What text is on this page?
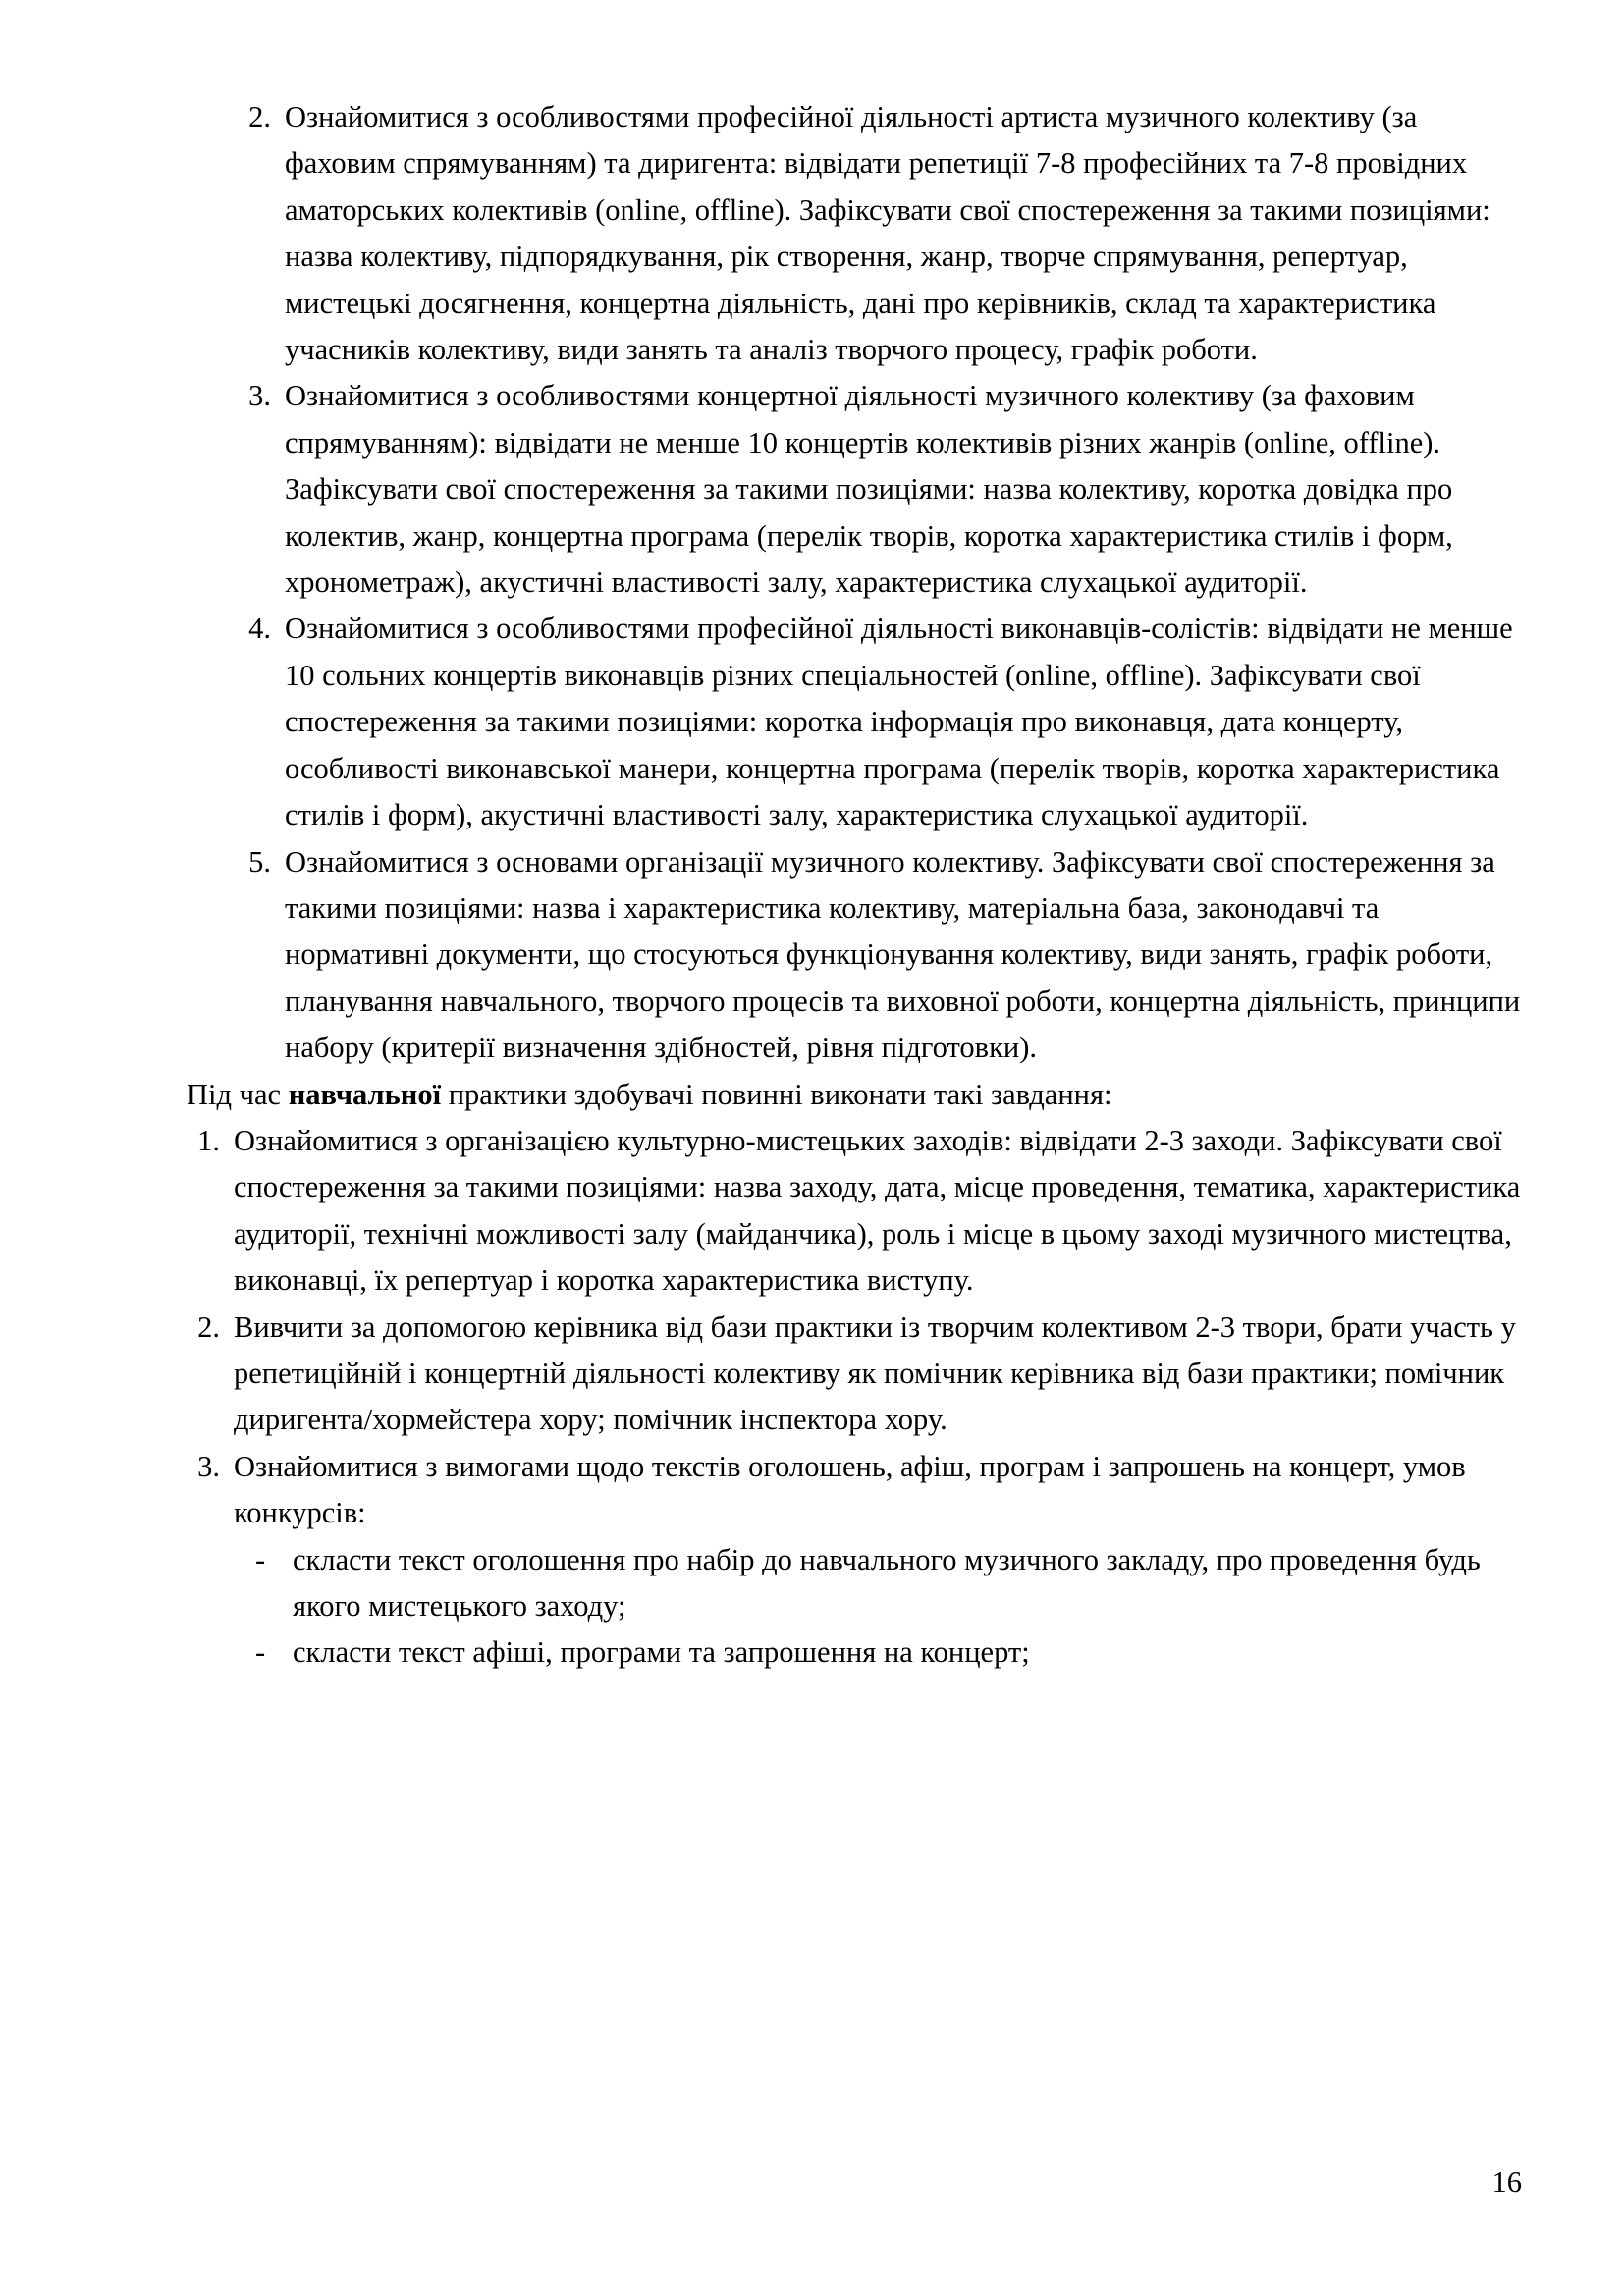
2. Ознайомитися з особливостями професійної діяльності артиста музичного колективу (за фаховим спрямуванням) та диригента: відвідати репетиції 7-8 професійних та 7-8 провідних аматорських колективів (online, offline). Зафіксувати свої спостереження за такими позиціями: назва колективу, підпорядкування, рік створення, жанр, творче спрямування, репертуар, мистецькі досягнення, концертна діяльність, дані про керівників, склад та характеристика учасників колективу, види занять та аналіз творчого процесу, графік роботи.
3. Ознайомитися з особливостями концертної діяльності музичного колективу (за фаховим спрямуванням): відвідати не менше 10 концертів колективів різних жанрів (online, offline). Зафіксувати свої спостереження за такими позиціями: назва колективу, коротка довідка про колектив, жанр, концертна програма (перелік творів, коротка характеристика стилів і форм, хронометраж), акустичні властивості залу, характеристика слухацької аудиторії.
4. Ознайомитися з особливостями професійної діяльності виконавців-солістів: відвідати не менше 10 сольних концертів виконавців різних спеціальностей (online, offline). Зафіксувати свої спостереження за такими позиціями: коротка інформація про виконавця, дата концерту, особливості виконавської манери, концертна програма (перелік творів, коротка характеристика стилів і форм), акустичні властивості залу, характеристика слухацької аудиторії.
5. Ознайомитися з основами організації музичного колективу. Зафіксувати свої спостереження за такими позиціями: назва і характеристика колективу, матеріальна база, законодавчі та нормативні документи, що стосуються функціонування колективу, види занять, графік роботи, планування навчального, творчого процесів та виховної роботи, концертна діяльність, принципи набору (критерії визначення здібностей, рівня підготовки).

Під час навчальної практики здобувачі повинні виконати такі завдання:

1. Ознайомитися з організацією культурно-мистецьких заходів: відвідати 2-3 заходи. Зафіксувати свої спостереження за такими позиціями: назва заходу, дата, місце проведення, тематика, характеристика аудиторії, технічні можливості залу (майданчика), роль і місце в цьому заході музичного мистецтва, виконавці, їх репертуар і коротка характеристика виступу.
2. Вивчити за допомогою керівника від бази практики із творчим колективом 2-3 твори, брати участь у репетиційній і концертній діяльності колективу як помічник керівника від бази практики; помічник диригента/хормейстера хору; помічник інспектора хору.
3. Ознайомитися з вимогами щодо текстів оголошень, афіш, програм і запрошень на концерт, умов конкурсів:
- скласти текст оголошення про набір до навчального музичного закладу, про проведення будь якого мистецького заходу;
- скласти текст афіші, програми та запрошення на концерт;
16
